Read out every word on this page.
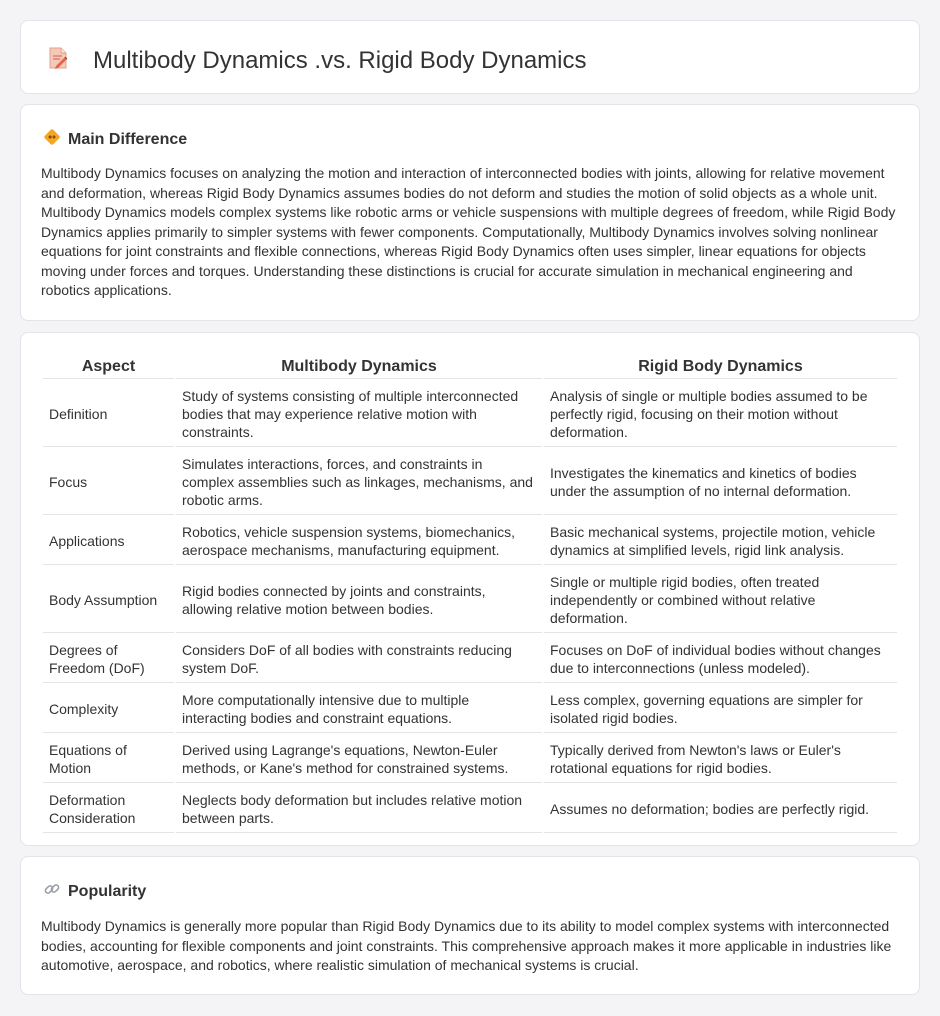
Multibody Dynamics .vs. Rigid Body Dynamics
Main Difference

Multibody Dynamics focuses on analyzing the motion and interaction of interconnected bodies with joints, allowing for relative movement and deformation, whereas Rigid Body Dynamics assumes bodies do not deform and studies the motion of solid objects as a whole unit. Multibody Dynamics models complex systems like robotic arms or vehicle suspensions with multiple degrees of freedom, while Rigid Body Dynamics applies primarily to simpler systems with fewer components. Computationally, Multibody Dynamics involves solving nonlinear equations for joint constraints and flexible connections, whereas Rigid Body Dynamics often uses simpler, linear equations for objects moving under forces and torques. Understanding these distinctions is crucial for accurate simulation in mechanical engineering and robotics applications.

Aspect	Multibody Dynamics	Rigid Body Dynamics
Definition	Study of systems consisting of multiple interconnected bodies that may experience relative motion with constraints.	Analysis of single or multiple bodies assumed to be perfectly rigid, focusing on their motion without deformation.
Focus	Simulates interactions, forces, and constraints in complex assemblies such as linkages, mechanisms, and robotic arms.	Investigates the kinematics and kinetics of bodies under the assumption of no internal deformation.
Applications	Robotics, vehicle suspension systems, biomechanics, aerospace mechanisms, manufacturing equipment.	Basic mechanical systems, projectile motion, vehicle dynamics at simplified levels, rigid link analysis.
Body Assumption	Rigid bodies connected by joints and constraints, allowing relative motion between bodies.	Single or multiple rigid bodies, often treated independently or combined without relative deformation.
Degrees of Freedom (DoF)	Considers DoF of all bodies with constraints reducing system DoF.	Focuses on DoF of individual bodies without changes due to interconnections (unless modeled).
Complexity	More computationally intensive due to multiple interacting bodies and constraint equations.	Less complex, governing equations are simpler for isolated rigid bodies.
Equations of Motion	Derived using Lagrange's equations, Newton-Euler methods, or Kane's method for constrained systems.	Typically derived from Newton's laws or Euler's rotational equations for rigid bodies.
Deformation Consideration	Neglects body deformation but includes relative motion between parts.	Assumes no deformation; bodies are perfectly rigid.
Popularity

Multibody Dynamics is generally more popular than Rigid Body Dynamics due to its ability to model complex systems with interconnected bodies, accounting for flexible components and joint constraints. This comprehensive approach makes it more applicable in industries like automotive, aerospace, and robotics, where realistic simulation of mechanical systems is crucial.
